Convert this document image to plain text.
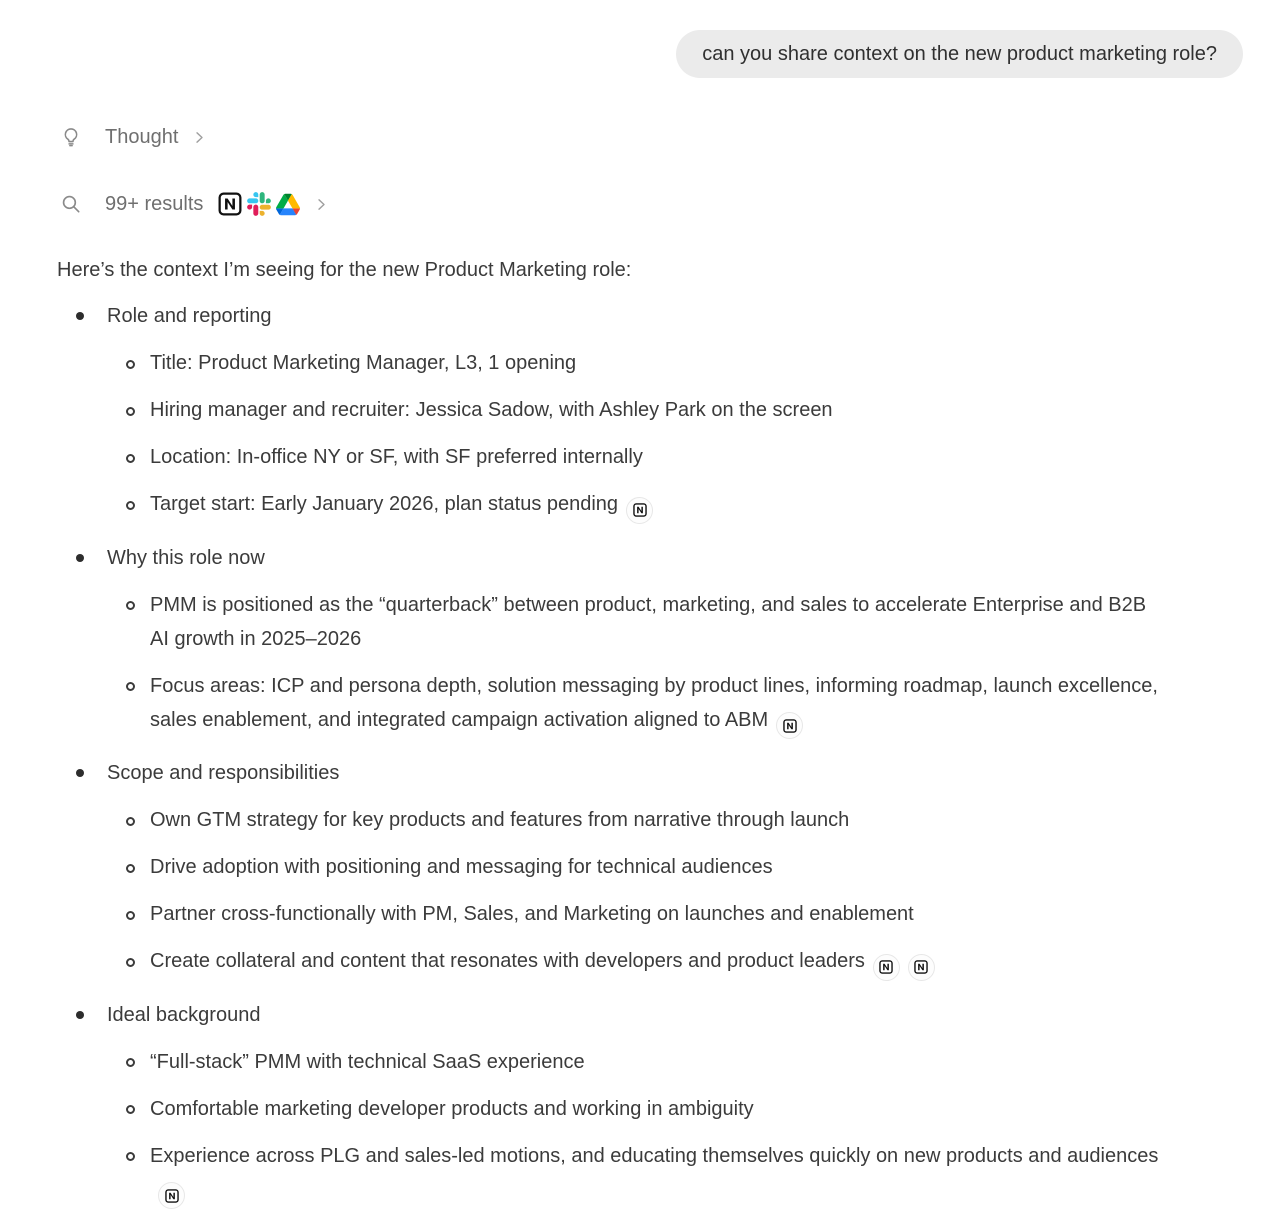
can you share context on the new product marketing role?
Thought
99+ results

Here’s the context I’m seeing for the new Product Marketing role:

Role and reporting
Title: Product Marketing Manager, L3, 1 opening
Hiring manager and recruiter: Jessica Sadow, with Ashley Park on the screen
Location: In-office NY or SF, with SF preferred internally
Target start: Early January 2026, plan status pending
Why this role now
PMM is positioned as the “quarterback” between product, marketing, and sales to accelerate Enterprise and B2B AI growth in 2025–2026
Focus areas: ICP and persona depth, solution messaging by product lines, informing roadmap, launch excellence, sales enablement, and integrated campaign activation aligned to ABM
Scope and responsibilities
Own GTM strategy for key products and features from narrative through launch
Drive adoption with positioning and messaging for technical audiences
Partner cross-functionally with PM, Sales, and Marketing on launches and enablement
Create collateral and content that resonates with developers and product leaders
Ideal background
“Full-stack” PMM with technical SaaS experience
Comfortable marketing developer products and working in ambiguity
Experience across PLG and sales-led motions, and educating themselves quickly on new products and audiences
